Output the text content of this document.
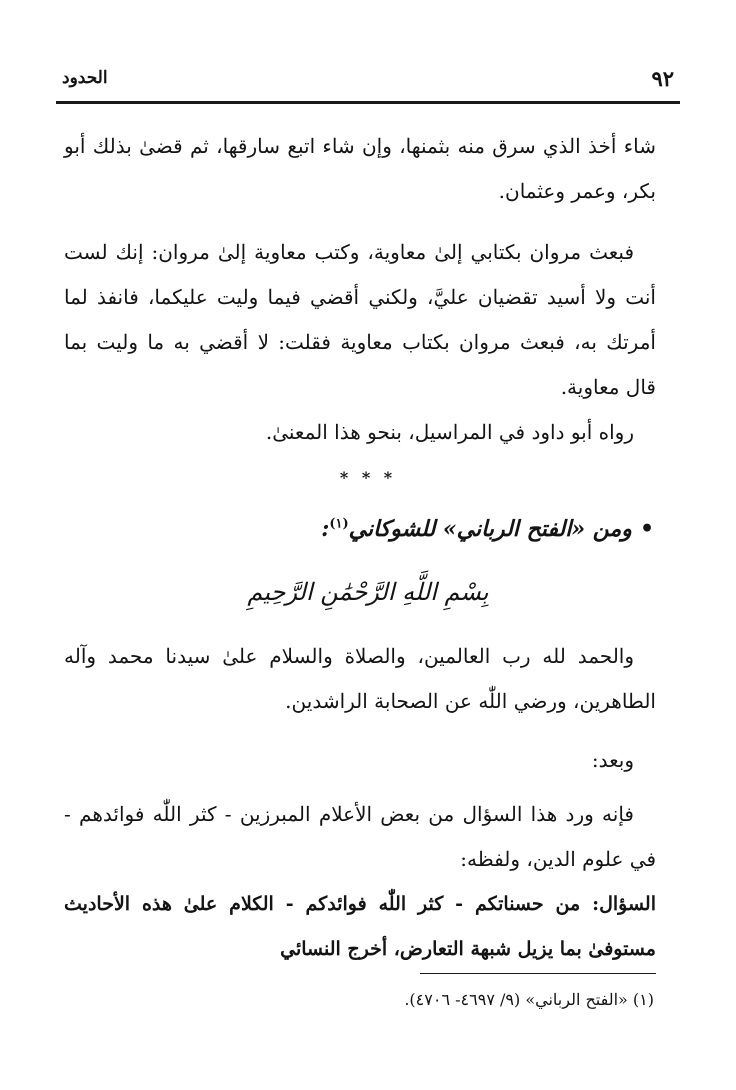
٩٢
الحدود

شاء أخذ الذي سرق منه بثمنها، وإن شاء اتبع سارقها، ثم قضىٰ بذلك أبو بكر، وعمر وعثمان.

فبعث مروان بكتابي إلىٰ معاوية، وكتب معاوية إلىٰ مروان: إنك لست أنت ولا أسيد تقضيان عليَّ، ولكني أقضي فيما وليت عليكما، فانفذ لما أمرتك به، فبعث مروان بكتاب معاوية فقلت: لا أقضي به ما وليت بما قال معاوية.

رواه أبو داود في المراسيل، بنحو هذا المعنىٰ.

* * *
•ومن «الفتح الرباني» للشوكاني$^{(١)}$:
بِسْمِ اللَّهِ الرَّحْمَٰنِ الرَّحِيمِ

والحمد لله رب العالمين، والصلاة والسلام علىٰ سيدنا محمد وآله الطاهرين، ورضي اللّٰه عن الصحابة الراشدين.

وبعد:

فإنه ورد هذا السؤال من بعض الأعلام المبرزين - كثر اللّٰه فوائدهم - في علوم الدين، ولفظه:

السؤال: من حسناتكم - كثر اللّٰه فوائدكم - الكلام علىٰ هذه الأحاديث مستوفىٰ بما يزيل شبهة التعارض، أخرج النسائي

(١) «الفتح الرباني» (٩/ ٤٦٩٧- ٤٧٠٦).
